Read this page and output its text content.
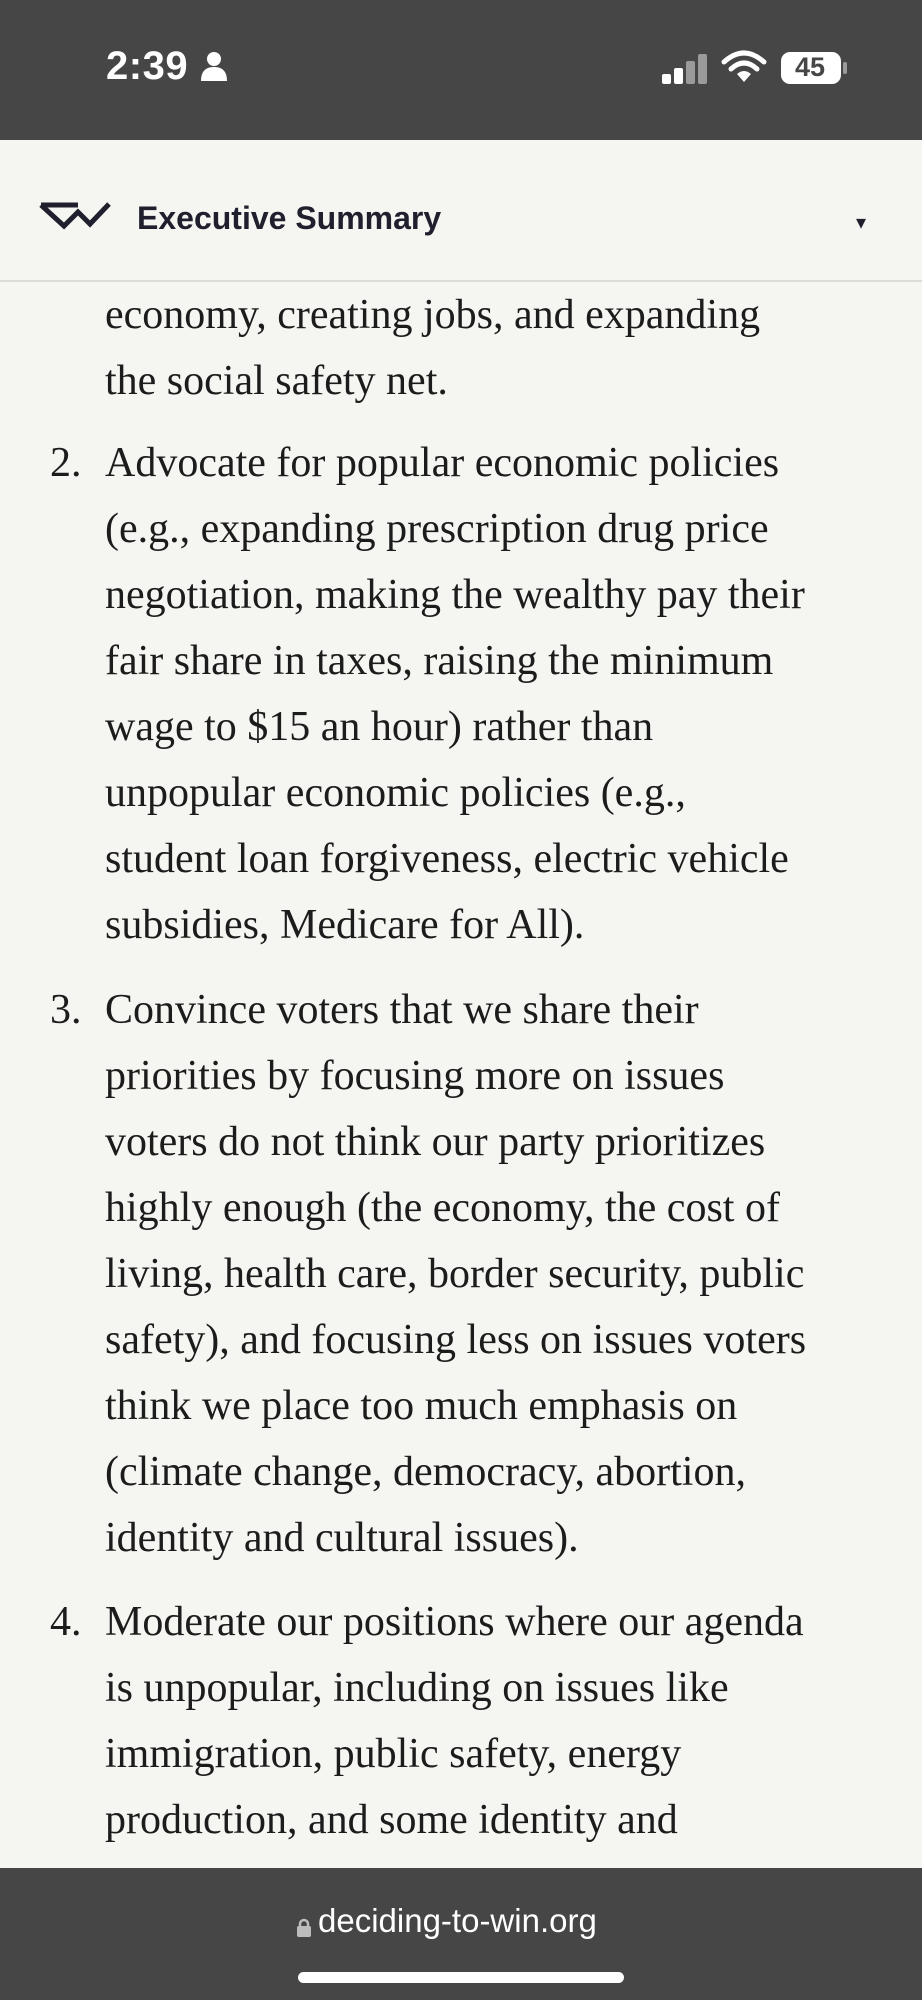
2:39	45
Executive Summary	▾
economy, creating jobs, and expanding
the social safety net.
2. Advocate for popular economic policies
(e.g., expanding prescription drug price
negotiation, making the wealthy pay their
fair share in taxes, raising the minimum
wage to $15 an hour) rather than
unpopular economic policies (e.g.,
student loan forgiveness, electric vehicle
subsidies, Medicare for All).
3. Convince voters that we share their
priorities by focusing more on issues
voters do not think our party prioritizes
highly enough (the economy, the cost of
living, health care, border security, public
safety), and focusing less on issues voters
think we place too much emphasis on
(climate change, democracy, abortion,
identity and cultural issues).
4. Moderate our positions where our agenda
is unpopular, including on issues like
immigration, public safety, energy
production, and some identity and
deciding-to-win.org
